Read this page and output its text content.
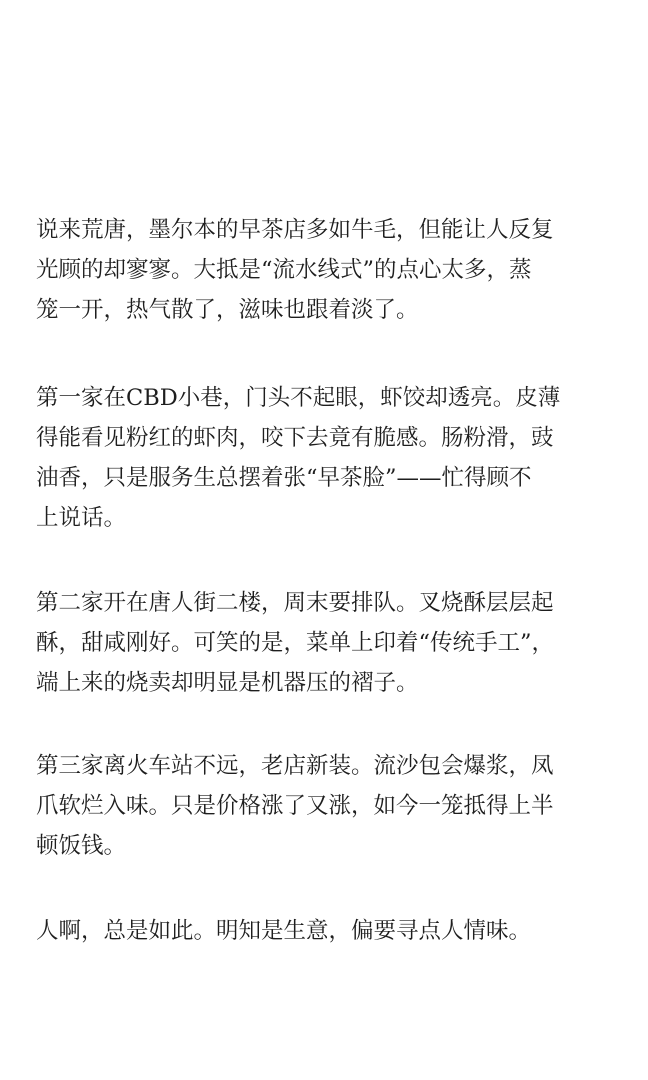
说来荒唐，墨尔本的早茶店多如牛毛，但能让人反复
光顾的却寥寥。大抵是“流水线式”的点心太多，蒸
笼一开，热气散了，滋味也跟着淡了。

第一家在CBD小巷，门头不起眼，虾饺却透亮。皮薄
得能看见粉红的虾肉，咬下去竟有脆感。肠粉滑，豉
油香，只是服务生总摆着张“早茶脸”——忙得顾不
上说话。

第二家开在唐人街二楼，周末要排队。叉烧酥层层起
酥，甜咸刚好。可笑的是，菜单上印着“传统手工”，
端上来的烧卖却明显是机器压的褶子。

第三家离火车站不远，老店新装。流沙包会爆浆，凤
爪软烂入味。只是价格涨了又涨，如今一笼抵得上半
顿饭钱。

人啊，总是如此。明知是生意，偏要寻点人情味。
